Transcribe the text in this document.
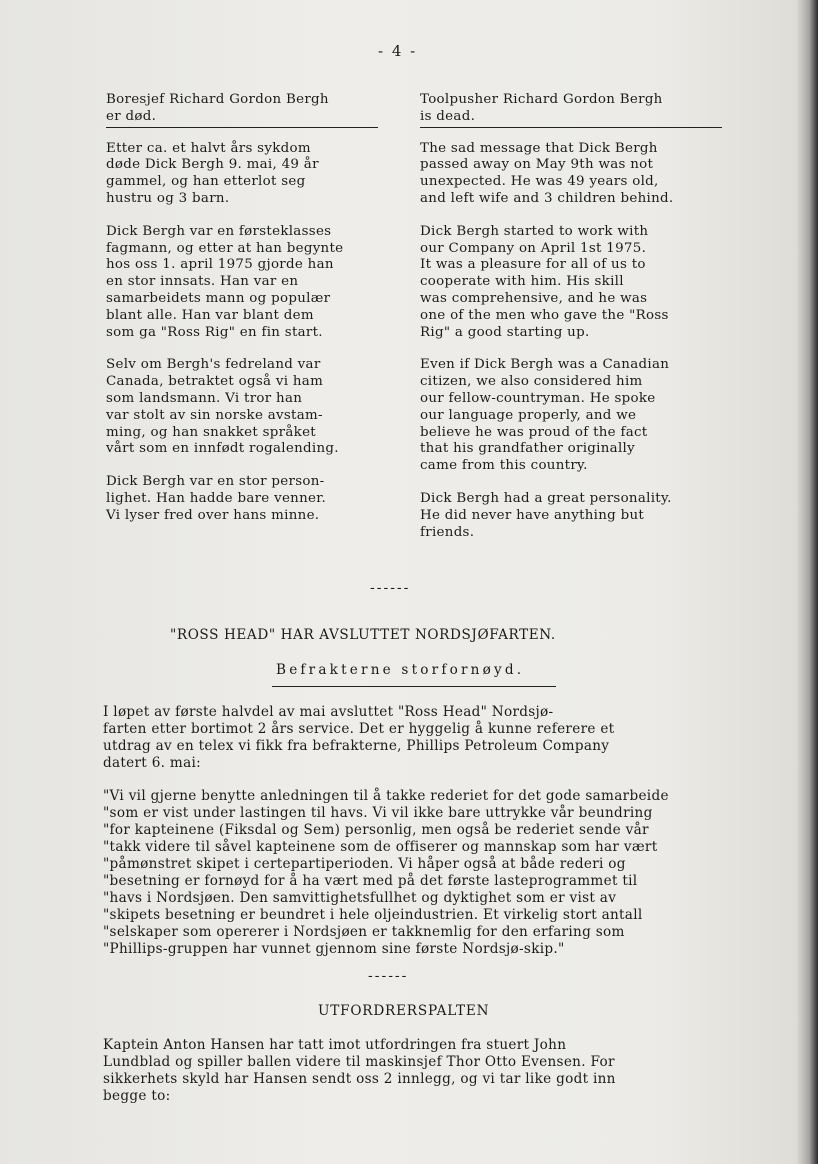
- 4 -

Boresjef Richard Gordon Bergh
er død.

Etter ca. et halvt års sykdom
døde Dick Bergh 9. mai, 49 år
gammel, og han etterlot seg
hustru og 3 barn.

Dick Bergh var en førsteklasses
fagmann, og etter at han begynte
hos oss 1. april 1975 gjorde han
en stor innsats. Han var en
samarbeidets mann og populær
blant alle. Han var blant dem
som ga "Ross Rig" en fin start.

Selv om Bergh's fedreland var
Canada, betraktet også vi ham
som landsmann. Vi tror han
var stolt av sin norske avstam-
ming, og han snakket språket
vårt som en innfødt rogalending.

Dick Bergh var en stor person-
lighet. Han hadde bare venner.
Vi lyser fred over hans minne.

Toolpusher Richard Gordon Bergh
is dead.

The sad message that Dick Bergh
passed away on May 9th was not
unexpected. He was 49 years old,
and left wife and 3 children behind.

Dick Bergh started to work with
our Company on April 1st 1975.
It was a pleasure for all of us to
cooperate with him. His skill
was comprehensive, and he was
one of the men who gave the "Ross
Rig" a good starting up.

Even if Dick Bergh was a Canadian
citizen, we also considered him
our fellow-countryman. He spoke
our language properly, and we
believe he was proud of the fact
that his grandfather originally
came from this country.

Dick Bergh had a great personality.
He did never have anything but
friends.

------
"ROSS HEAD" HAR AVSLUTTET NORDSJØFARTEN.
Befrakterne storfornøyd.

I løpet av første halvdel av mai avsluttet "Ross Head" Nordsjø-
farten etter bortimot 2 års service. Det er hyggelig å kunne referere et
utdrag av en telex vi fikk fra befrakterne, Phillips Petroleum Company
datert 6. mai:

"Vi vil gjerne benytte anledningen til å takke rederiet for det gode samarbeide
"som er vist under lastingen til havs. Vi vil ikke bare uttrykke vår beundring
"for kapteinene (Fiksdal og Sem) personlig, men også be rederiet sende vår
"takk videre til såvel kapteinene som de offiserer og mannskap som har vært
"påmønstret skipet i certepartiperioden. Vi håper også at både rederi og
"besetning er fornøyd for å ha vært med på det første lasteprogrammet til
"havs i Nordsjøen. Den samvittighetsfullhet og dyktighet som er vist av
"skipets besetning er beundret i hele oljeindustrien. Et virkelig stort antall
"selskaper som opererer i Nordsjøen er takknemlig for den erfaring som
"Phillips-gruppen har vunnet gjennom sine første Nordsjø-skip."

------
UTFORDRERSPALTEN

Kaptein Anton Hansen har tatt imot utfordringen fra stuert John
Lundblad og spiller ballen videre til maskinsjef Thor Otto Evensen. For
sikkerhets skyld har Hansen sendt oss 2 innlegg, og vi tar like godt inn
begge to:
